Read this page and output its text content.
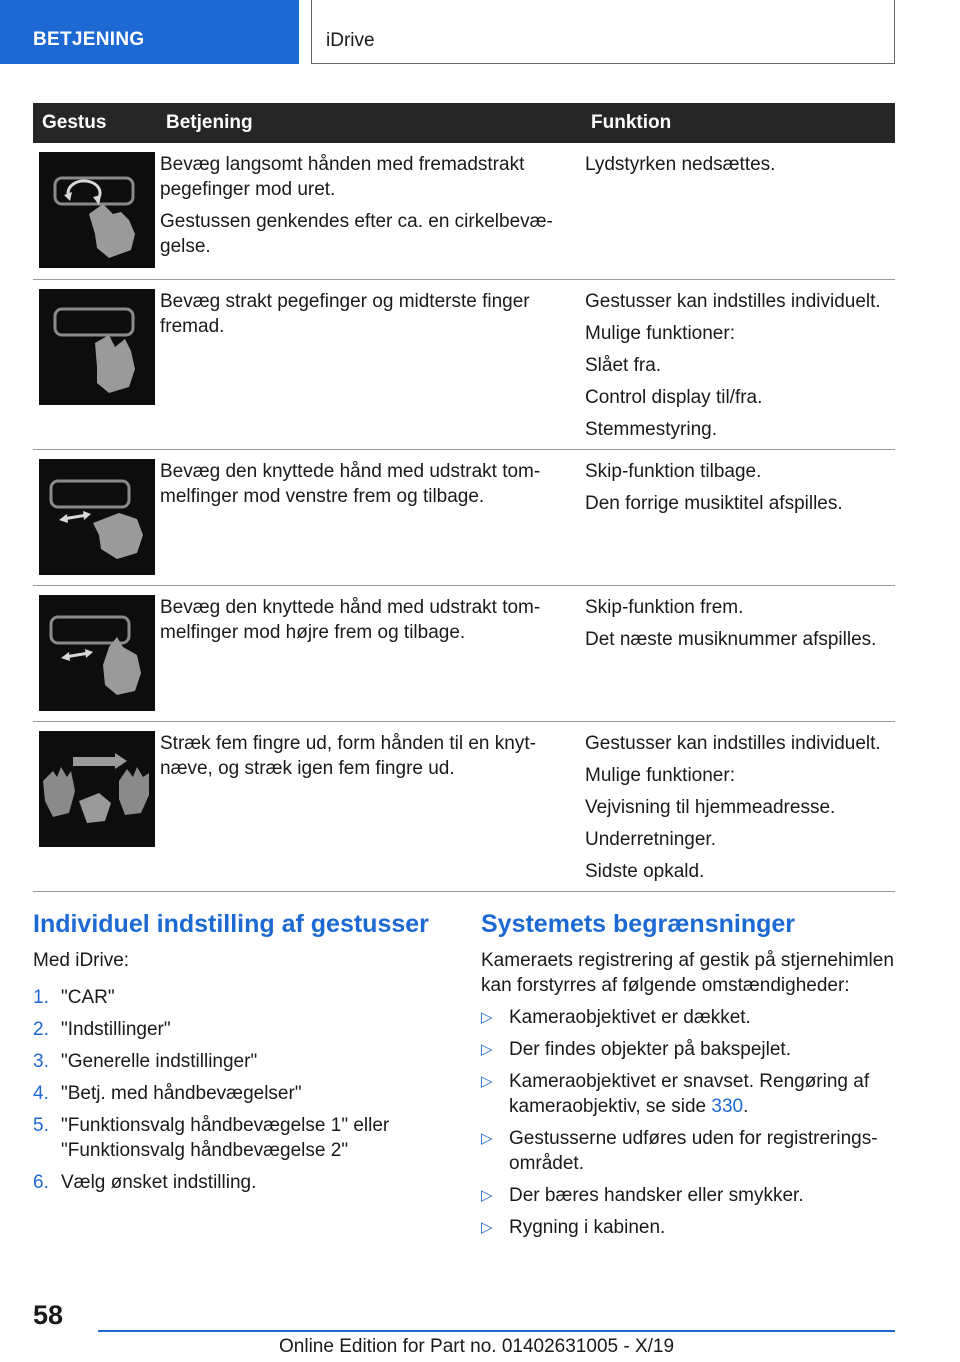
BETJENING	iDrive
Gestus	Betjening	Funktion

Bevæg langsomt hånden med fremadstrakt pegefinger mod uret.

Gestussen genkendes efter ca. en cirkelbevæ-gelse.	Lydstyrken nedsættes.

Bevæg strakt pegefinger og midterste finger fremad.	Gestusser kan indstilles individuelt.

Mulige funktioner:

Slået fra.

Control display til/fra.

Stemmestyring.

Bevæg den knyttede hånd med udstrakt tom-melfinger mod venstre frem og tilbage.	Skip-funktion tilbage.

Den forrige musiktitel afspilles.

Bevæg den knyttede hånd med udstrakt tom-melfinger mod højre frem og tilbage.	Skip-funktion frem.

Det næste musiknummer afspilles.

Stræk fem fingre ud, form hånden til en knyt-næve, og stræk igen fem fingre ud.	Gestusser kan indstilles individuelt.

Mulige funktioner:

Vejvisning til hjemmeadresse.

Underretninger.

Sidste opkald.

Individuel indstilling af gestusser
Med iDrive:
1. "CAR"
2. "Indstillinger"
3. "Generelle indstillinger"
4. "Betj. med håndbevægelser"
5. "Funktionsvalg håndbevægelse 1" eller "Funktionsvalg håndbevægelse 2"
6. Vælg ønsket indstilling.
Systemets begrænsninger
Kameraets registrering af gestik på stjernehimlen kan forstyrres af følgende omstændigheder:
▷ Kameraobjektivet er dækket.
▷ Der findes objekter på bakspejlet.
▷ Kameraobjektivet er snavset. Rengøring af kameraobjektiv, se side 330.
▷ Gestusserne udføres uden for registrerings-området.
▷ Der bæres handsker eller smykker.
▷ Rygning i kabinen.
58
Online Edition for Part no. 01402631005 - X/19
